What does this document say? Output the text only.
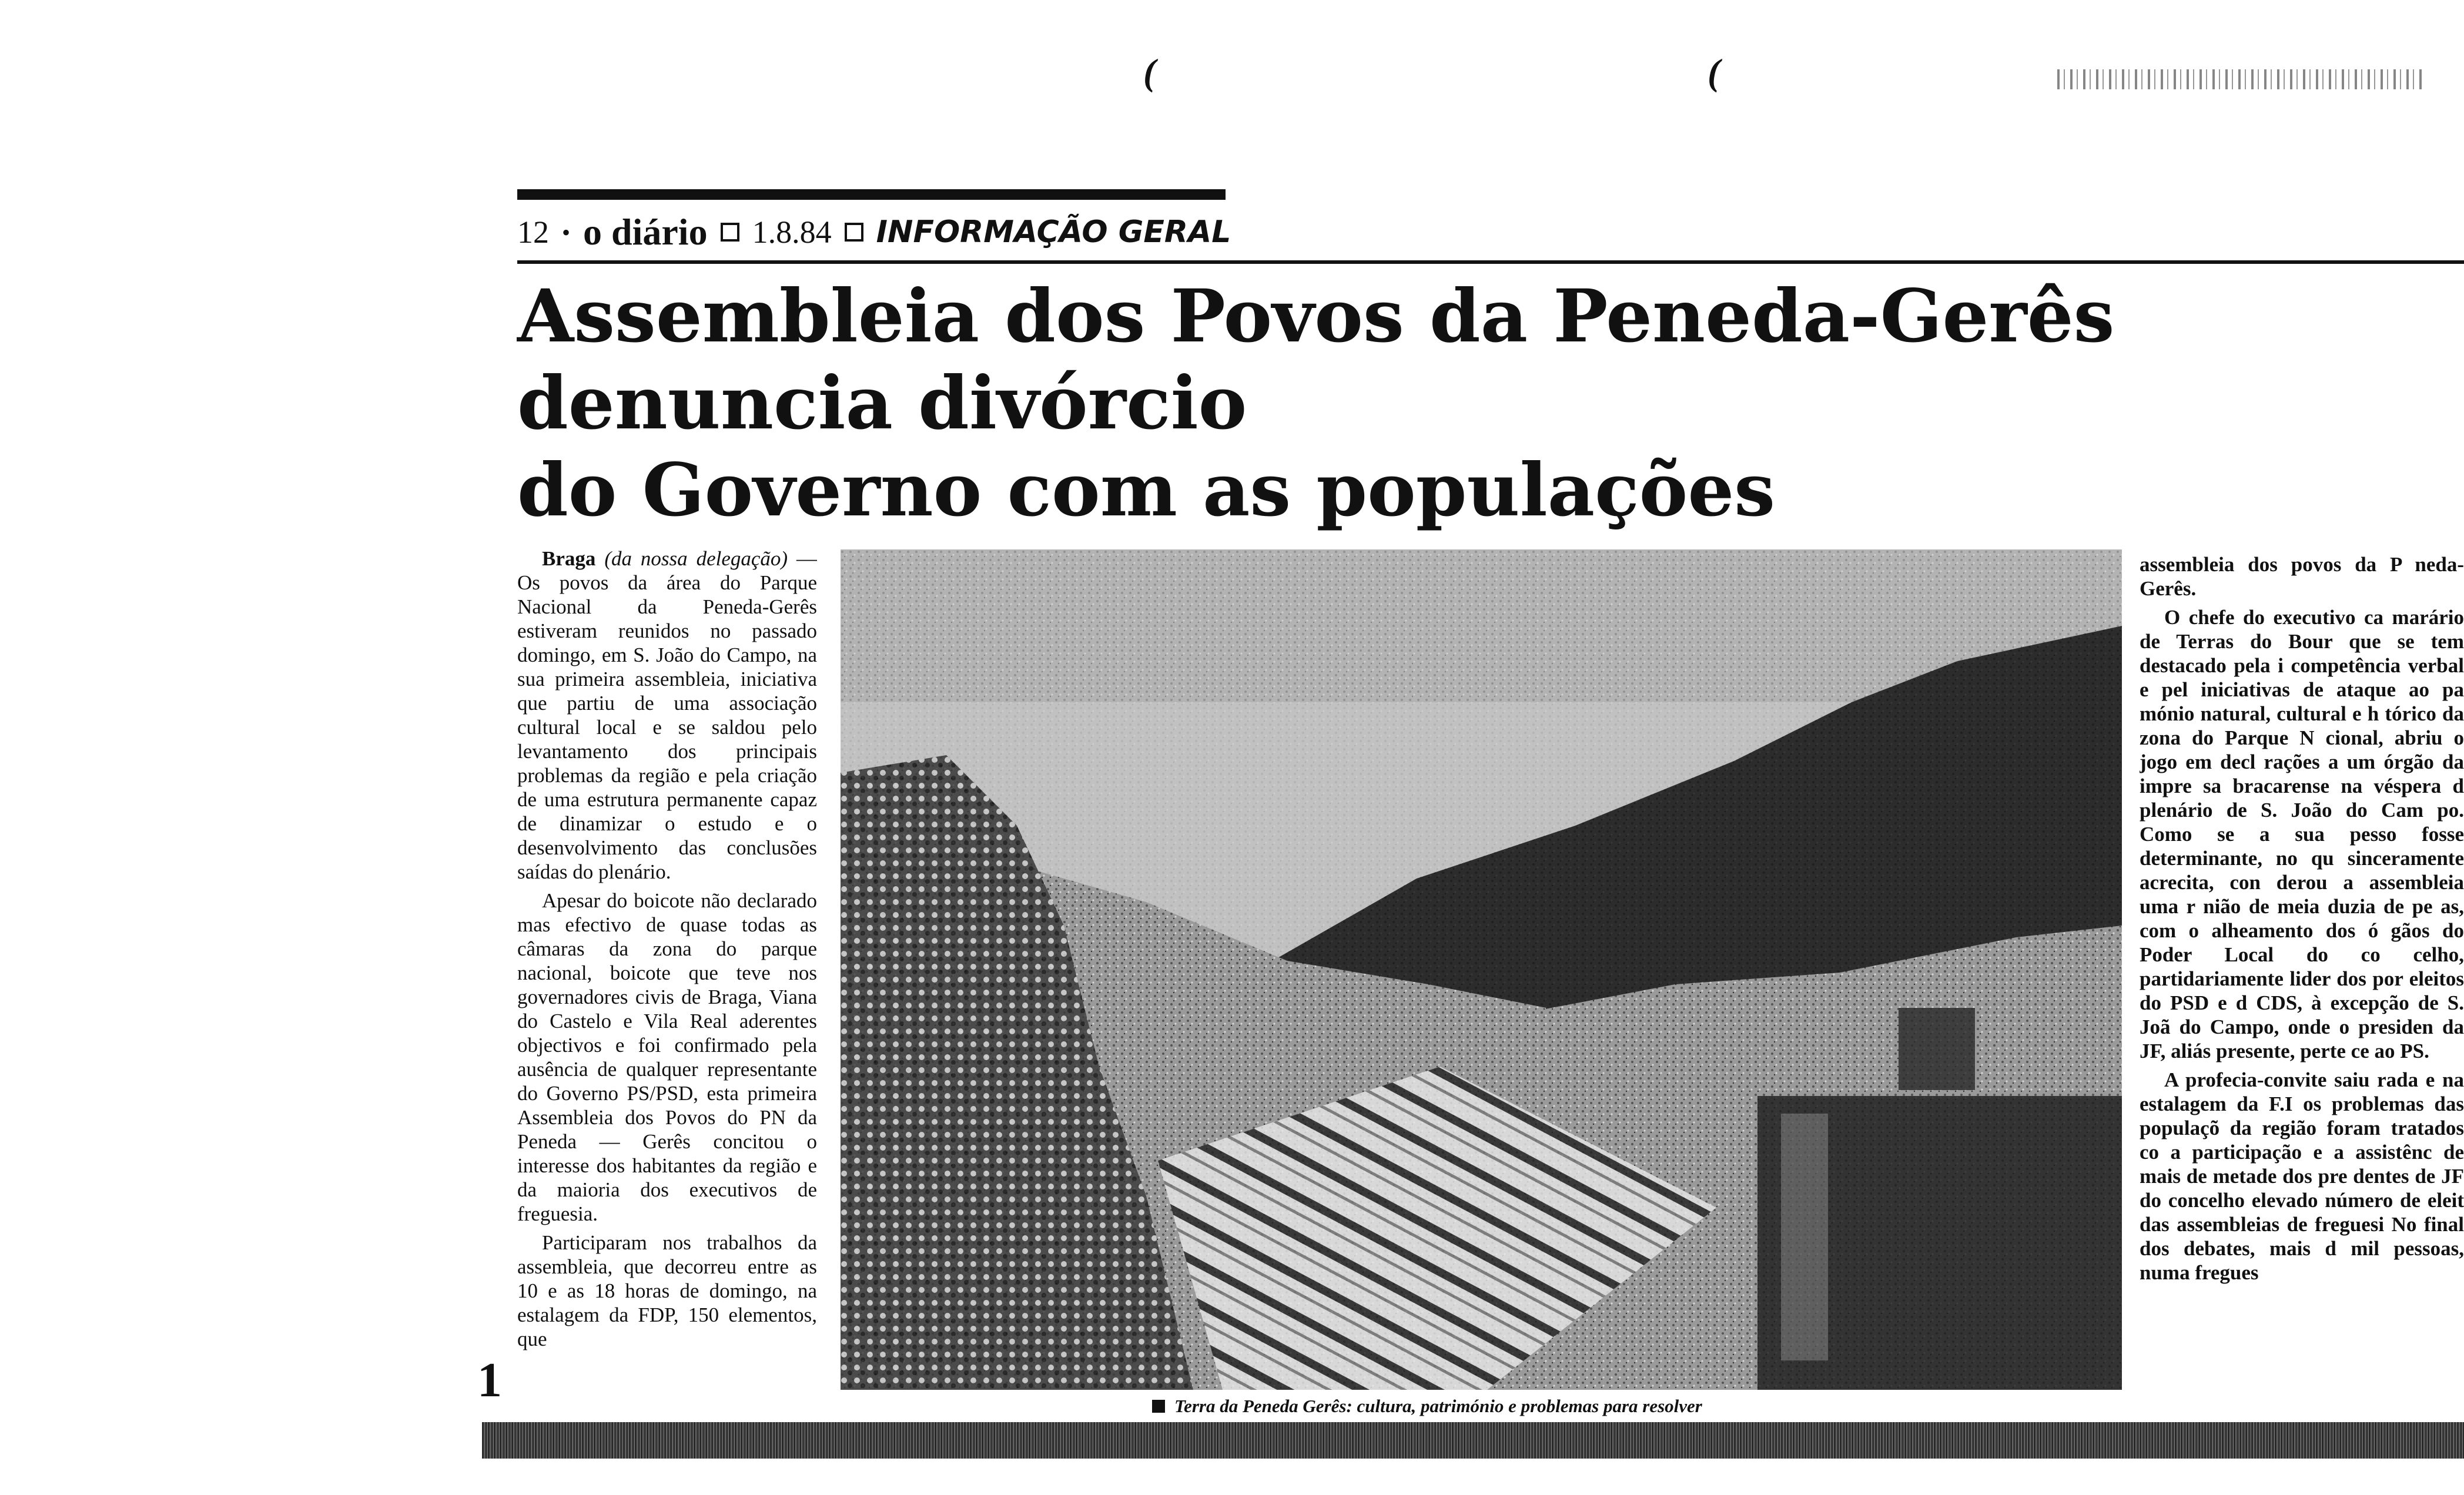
(	(
12 • o diário 1.8.84 INFORMAÇÃO GERAL
Assembleia dos Povos da Peneda-Gerês
denuncia divórcio
do Governo com as populações

Braga (da nossa delegação) — Os povos da área do Parque Nacional da Peneda-Gerês estiveram reunidos no passado domingo, em S. João do Campo, na sua primeira assembleia, iniciativa que partiu de uma associação cultural local e se saldou pelo levantamento dos principais problemas da região e pela criação de uma estrutura permanente capaz de dinamizar o estudo e o desenvolvimento das conclusões saídas do plenário.

Apesar do boicote não declarado mas efectivo de quase todas as câmaras da zona do parque nacional, boicote que teve nos governadores civis de Braga, Viana do Castelo e Vila Real aderentes objectivos e foi confirmado pela ausência de qualquer representante do Governo PS/PSD, esta primeira Assembleia dos Povos do PN da Peneda — Gerês concitou o interesse dos habitantes da região e da maioria dos executivos de freguesia.

Participaram nos trabalhos da assembleia, que decorreu entre as 10 e as 18 horas de domingo, na estalagem da FDP, 150 elementos, que

Terra da Peneda Gerês: cultura, património e problemas para resolver

assembleia dos povos da P neda-Gerês.

O chefe do executivo ca marário de Terras do Bour que se tem destacado pela i competência verbal e pel iniciativas de ataque ao pa mónio natural, cultural e h tórico da zona do Parque N cional, abriu o jogo em decl rações a um órgão da impre sa bracarense na véspera d plenário de S. João do Cam po. Como se a sua pesso fosse determinante, no qu sinceramente acrecita, con derou a assembleia uma r nião de meia duzia de pe as, com o alheamento dos ó gãos do Poder Local do co celho, partidariamente lider dos por eleitos do PSD e d CDS, à excepção de S. Joã do Campo, onde o presiden da JF, aliás presente, perte ce ao PS.

A profecia-convite saiu rada e na estalagem da F.I os problemas das populaçõ da região foram tratados co a participação e a assistênc de mais de metade dos pre dentes de JF do concelho elevado número de eleit das assembleias de freguesi No final dos debates, mais d mil pessoas, numa fregues

1
